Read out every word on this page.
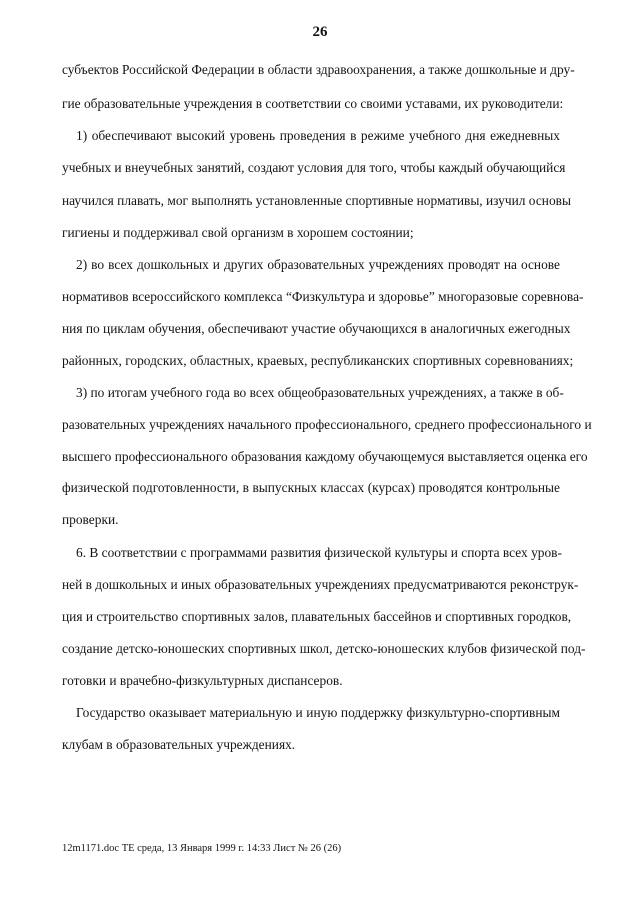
26
субъектов Российской Федерации в области здравоохранения, а также дошкольные и дру-
гие образовательные учреждения в соответствии со своими уставами, их руководители:
1) обеспечивают высокий уровень проведения в режиме учебного дня ежедневных
учебных и внеучебных занятий, создают условия для того, чтобы каждый обучающийся
научился плавать, мог выполнять установленные спортивные нормативы, изучил основы
гигиены и поддерживал свой организм в хорошем состоянии;
2) во всех дошкольных и других образовательных учреждениях проводят на основе
нормативов всероссийского комплекса “Физкультура и здоровье” многоразовые соревнова-
ния по циклам обучения, обеспечивают участие обучающихся в аналогичных ежегодных
районных, городских, областных, краевых, республиканских спортивных соревнованиях;
3) по итогам учебного года во всех общеобразовательных учреждениях, а также в об-
разовательных учреждениях начального профессионального, среднего профессионального и
высшего профессионального образования каждому обучающемуся выставляется оценка его
физической подготовленности, в выпускных классах (курсах) проводятся контрольные
проверки.
6. В соответствии с программами развития физической культуры и спорта всех уров-
ней в дошкольных и иных образовательных учреждениях предусматриваются реконструк-
ция и строительство спортивных залов, плавательных бассейнов и спортивных городков,
создание детско-юношеских спортивных школ, детско-юношеских клубов физической под-
готовки и врачебно-физкультурных диспансеров.
Государство оказывает материальную и иную поддержку физкультурно-спортивным
клубам в образовательных учреждениях.
12m1171.doc ТЕ среда, 13 Января 1999 г. 14:33 Лист № 26 (26)
